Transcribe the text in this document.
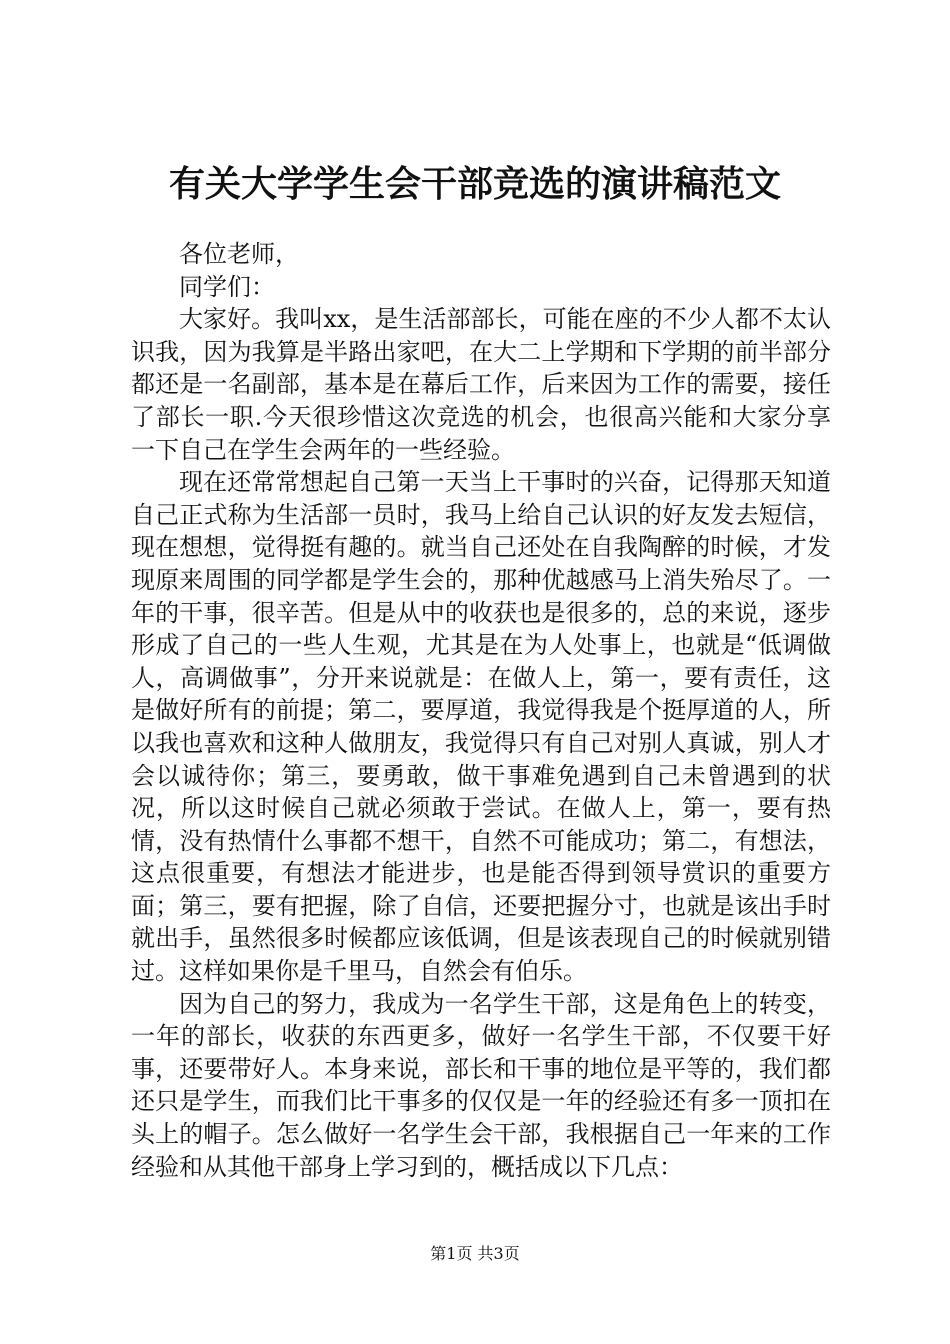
有关大学学生会干部竞选的演讲稿范文

各位老师，

同学们：

大家好。我叫xx，是生活部部长，可能在座的不少人都不太认识我，因为我算是半路出家吧，在大二上学期和下学期的前半部分都还是一名副部，基本是在幕后工作，后来因为工作的需要，接任了部长一职.今天很珍惜这次竞选的机会，也很高兴能和大家分享一下自己在学生会两年的一些经验。

现在还常常想起自己第一天当上干事时的兴奋，记得那天知道自己正式称为生活部一员时，我马上给自己认识的好友发去短信，现在想想，觉得挺有趣的。就当自己还处在自我陶醉的时候，才发现原来周围的同学都是学生会的，那种优越感马上消失殆尽了。一年的干事，很辛苦。但是从中的收获也是很多的，总的来说，逐步形成了自己的一些人生观，尤其是在为人处事上，也就是“低调做人，高调做事”，分开来说就是：在做人上，第一，要有责任，这是做好所有的前提；第二，要厚道，我觉得我是个挺厚道的人，所以我也喜欢和这种人做朋友，我觉得只有自己对别人真诚，别人才会以诚待你；第三，要勇敢，做干事难免遇到自己未曾遇到的状况，所以这时候自己就必须敢于尝试。在做人上，第一，要有热情，没有热情什么事都不想干，自然不可能成功；第二，有想法，这点很重要，有想法才能进步，也是能否得到领导赏识的重要方面；第三，要有把握，除了自信，还要把握分寸，也就是该出手时就出手，虽然很多时候都应该低调，但是该表现自己的时候就别错过。这样如果你是千里马，自然会有伯乐。

因为自己的努力，我成为一名学生干部，这是角色上的转变，一年的部长，收获的东西更多，做好一名学生干部，不仅要干好事，还要带好人。本身来说，部长和干事的地位是平等的，我们都还只是学生，而我们比干事多的仅仅是一年的经验还有多一顶扣在头上的帽子。怎么做好一名学生会干部，我根据自己一年来的工作经验和从其他干部身上学习到的，概括成以下几点：

第1页 共3页
